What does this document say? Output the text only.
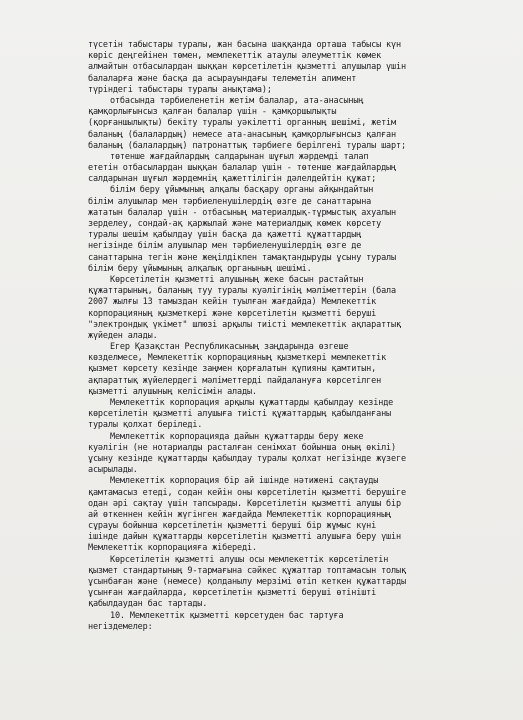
түсетін табыстары туралы, жан басына шаққанда орташа табысы күн
көріс деңгейінен төмен, мемлекеттік атаулы әлеуметтік көмек
алмайтын отбасылардан шыққан көрсетілетін қызметті алушылар үшін
балаларға және басқа да асырауындағы телеметін алимент
түріндегі табыстары туралы анықтама);
отбасында тәрбиеленетін жетім балалар, ата-анасының
қамқорлығынсыз қалған балалар үшін - қамқоршылықты
(қорғаншылықты) бекіту туралы уәкілетті органның шешімі, жетім
баланың (балалардың) немесе ата-анасының қамқорлығынсыз қалған
баланың (балалардың) патронаттық тәрбиеге берілгені туралы шарт;
төтенше жағдайлардың салдарынан шұғыл жәрдемді талап
ететін отбасылардан шыққан балалар үшін - төтенше жағдайлардың
салдарынан шұғыл жәрдемнің қажеттілігін дәлелдейтін құжат;
білім беру ұйымының алқалы басқару органы айқындайтын
білім алушылар мен тәрбиеленушілердің өзге де санаттарына
жататын балалар үшін - отбасының материалдық-тұрмыстық ахуалын
зерделеу, сондай-ақ қаржылай және материалдық көмек көрсету
туралы шешім қабылдау үшін басқа да қажетті құжаттардың
негізінде білім алушылар мен тәрбиеленушілердің өзге де
санаттарына тегін және жеңілдікпен тамақтандыруды ұсыну туралы
білім беру ұйымының алқалық органының шешімі.
Көрсетілетін қызметті алушының жеке басын растайтын
құжаттарының, баланың туу туралы куәлігінің мәліметтерін (бала
2007 жылғы 13 тамыздан кейін туылған жағдайда) Мемлекеттік
корпорацияның қызметкері және көрсетілетін қызметті беруші
"электрондық үкімет" шлюзі арқылы тиісті мемлекеттік ақпараттық
жүйеден алады.
Егер Қазақстан Республикасының заңдарында өзгеше
көзделмесе, Мемлекеттік корпорацияның қызметкері мемлекеттік
қызмет көрсету кезінде заңмен қорғалатын құпияны қамтитын,
ақпараттық жүйелердегі мәліметтерді пайдалануға көрсетілген
қызметті алушының келісімін алады.
Мемлекеттік корпорация арқылы құжаттарды қабылдау кезінде
көрсетілетін қызметті алушыға тиісті құжаттардың қабылданғаны
туралы қолхат беріледі.
Мемлекеттік корпорацияда дайын құжаттарды беру жеке
куәлігін (не нотариалды расталған сенімхат бойынша оның өкілі)
ұсыну кезінде құжаттарды қабылдау туралы қолхат негізінде жүзеге
асырылады.
Мемлекеттік корпорация бір ай ішінде нәтижені сақтауды
қамтамасыз етеді, содан кейін оны көрсетілетін қызметті берушіге
одан әрі сақтау үшін тапсырады. Көрсетілетін қызметті алушы бір
ай өткеннен кейін жүгінген жағдайда Мемлекеттік корпорацияның
сұрауы бойынша көрсетілетін қызметті беруші бір жұмыс күні
ішінде дайын құжаттарды көрсетілетін қызметті алушыға беру үшін
Мемлекеттік корпорацияға жібереді.
Көрсетілетін қызметті алушы осы мемлекеттік көрсетілетін
қызмет стандартының 9-тармағына сәйкес құжаттар топтамасын толық
ұсынбаған және (немесе) қолданылу мерзімі өтіп кеткен құжаттарды
ұсынған жағдайларда, көрсетілетін қызметті беруші өтінішті
қабылдаудан бас тартады.
10. Мемлекеттік қызметті көрсетуден бас тартуға
негіздемелер:
